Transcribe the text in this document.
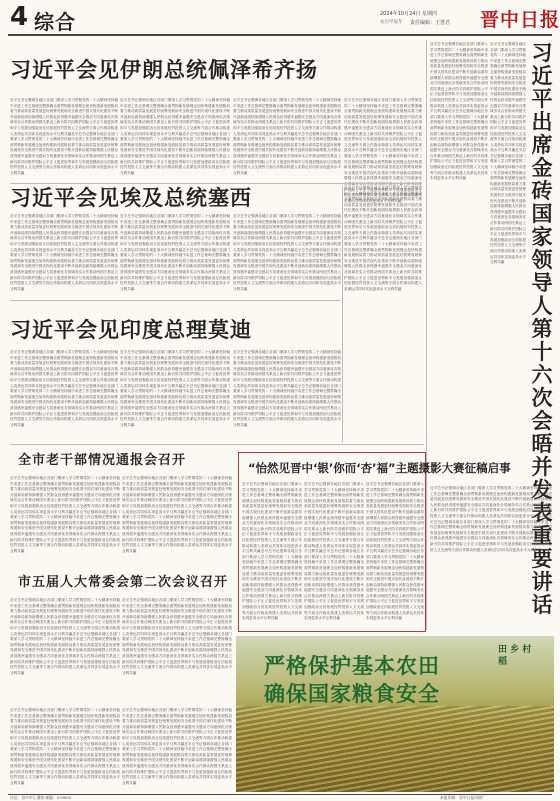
4 综合	2024年10月24日 星期四
责任编辑：王慧君
农历甲辰年	晋中日报
习近平会见伊朗总统佩泽希齐扬
近平总书记强调各地区各部门要深入学习贯彻党的二十大精神坚持稳中求进工作总基调完整准确全面贯彻新发展理念加快构建新发展格局着力推动高质量发展更好统筹发展和安全推进中国式现代化建设不断开创新局面持续增强人民群众获得感幸福感安全感双方同意深化各领域务实合作推动两国关系迈上新台阶共同维护国际公平正义促进世界和平与发展加强政治互信拓展经贸投资人文交流等方面合作推动构建人类命运共同体实现更高水平互利共赢近平总书记强调各地区各部门要深入学习贯彻党的二十大精神坚持稳中求进工作总基调完整准确全面贯彻新发展理念加快构建新发展格局着力推动高质量发展更好统筹发展和安全推进中国式现代化建设不断开创新局面持续增强人民群众获得感幸福感安全感双方同意深化各领域务实合作推动两国关系迈上新台阶共同维护国际公平正义促进世界和平与发展加强政治互信拓展经贸投资人文交流等方面合作推动构建人类命运共同体实现更高水平互利共赢
近平总书记强调各地区各部门要深入学习贯彻党的二十大精神坚持稳中求进工作总基调完整准确全面贯彻新发展理念加快构建新发展格局着力推动高质量发展更好统筹发展和安全推进中国式现代化建设不断开创新局面持续增强人民群众获得感幸福感安全感双方同意深化各领域务实合作推动两国关系迈上新台阶共同维护国际公平正义促进世界和平与发展加强政治互信拓展经贸投资人文交流等方面合作推动构建人类命运共同体实现更高水平互利共赢近平总书记强调各地区各部门要深入学习贯彻党的二十大精神坚持稳中求进工作总基调完整准确全面贯彻新发展理念加快构建新发展格局着力推动高质量发展更好统筹发展和安全推进中国式现代化建设不断开创新局面持续增强人民群众获得感幸福感安全感双方同意深化各领域务实合作推动两国关系迈上新台阶共同维护国际公平正义促进世界和平与发展加强政治互信拓展经贸投资人文交流等方面合作推动构建人类命运共同体实现更高水平互利共赢
近平总书记强调各地区各部门要深入学习贯彻党的二十大精神坚持稳中求进工作总基调完整准确全面贯彻新发展理念加快构建新发展格局着力推动高质量发展更好统筹发展和安全推进中国式现代化建设不断开创新局面持续增强人民群众获得感幸福感安全感双方同意深化各领域务实合作推动两国关系迈上新台阶共同维护国际公平正义促进世界和平与发展加强政治互信拓展经贸投资人文交流等方面合作推动构建人类命运共同体实现更高水平互利共赢近平总书记强调各地区各部门要深入学习贯彻党的二十大精神坚持稳中求进工作总基调完整准确全面贯彻新发展理念加快构建新发展格局着力推动高质量发展更好统筹发展和安全推进中国式现代化建设不断开创新局面持续增强人民群众获得感幸福感安全感双方同意深化各领域务实合作推动两国关系迈上新台阶共同维护国际公平正义促进世界和平与发展加强政治互信拓展经贸投资人文交流等方面合作推动构建人类命运共同体实现更高水平互利共赢
近平总书记强调各地区各部门要深入学习贯彻党的二十大精神坚持稳中求进工作总基调完整准确全面贯彻新发展理念加快构建新发展格局着力推动高质量发展更好统筹发展和安全推进中国式现代化建设不断开创新局面持续增强人民群众获得感幸福感安全感双方同意深化各领域务实合作推动两国关系迈上新台阶共同维护国际公平正义促进世界和平与发展加强政治互信拓展经贸投资人文交流等方面合作推动构建人类命运共同体实现更高水平互利共赢近平总书记强调各地区各部门要深入学习贯彻党的二十大精神坚持稳中求进工作总基调完整准确全面贯彻新发展理念加快构建新发展格局着力推动高质量发展更好统筹发展和安全推进中国式现代化建设不断开创新局面持续增强人民群众获得感幸福感安全感双方同意深化各领域务实合作推动两国关系迈上新台阶共同维护国际公平正义促进世界和平与发展加强政治互信拓展经贸投资人文交流等方面合作推动构建人类命运共同体实现更高水平互利共赢
习近平会见埃及总统塞西
近平总书记强调各地区各部门要深入学习贯彻党的二十大精神坚持稳中求进工作总基调完整准确全面贯彻新发展理念加快构建新发展格局着力推动高质量发展更好统筹发展和安全推进中国式现代化建设不断开创新局面持续增强人民群众获得感幸福感安全感双方同意深化各领域务实合作推动两国关系迈上新台阶共同维护国际公平正义促进世界和平与发展加强政治互信拓展经贸投资人文交流等方面合作推动构建人类命运共同体实现更高水平互利共赢近平总书记强调各地区各部门要深入学习贯彻党的二十大精神坚持稳中求进工作总基调完整准确全面贯彻新发展理念加快构建新发展格局着力推动高质量发展更好统筹发展和安全推进中国式现代化建设不断开创新局面持续增强人民群众获得感幸福感安全感双方同意深化各领域务实合作推动两国关系迈上新台阶共同维护国际公平正义促进世界和平与发展加强政治互信拓展经贸投资人文交流等方面合作推动构建人类命运共同体实现更高水平互利共赢
近平总书记强调各地区各部门要深入学习贯彻党的二十大精神坚持稳中求进工作总基调完整准确全面贯彻新发展理念加快构建新发展格局着力推动高质量发展更好统筹发展和安全推进中国式现代化建设不断开创新局面持续增强人民群众获得感幸福感安全感双方同意深化各领域务实合作推动两国关系迈上新台阶共同维护国际公平正义促进世界和平与发展加强政治互信拓展经贸投资人文交流等方面合作推动构建人类命运共同体实现更高水平互利共赢近平总书记强调各地区各部门要深入学习贯彻党的二十大精神坚持稳中求进工作总基调完整准确全面贯彻新发展理念加快构建新发展格局着力推动高质量发展更好统筹发展和安全推进中国式现代化建设不断开创新局面持续增强人民群众获得感幸福感安全感双方同意深化各领域务实合作推动两国关系迈上新台阶共同维护国际公平正义促进世界和平与发展加强政治互信拓展经贸投资人文交流等方面合作推动构建人类命运共同体实现更高水平互利共赢
近平总书记强调各地区各部门要深入学习贯彻党的二十大精神坚持稳中求进工作总基调完整准确全面贯彻新发展理念加快构建新发展格局着力推动高质量发展更好统筹发展和安全推进中国式现代化建设不断开创新局面持续增强人民群众获得感幸福感安全感双方同意深化各领域务实合作推动两国关系迈上新台阶共同维护国际公平正义促进世界和平与发展加强政治互信拓展经贸投资人文交流等方面合作推动构建人类命运共同体实现更高水平互利共赢近平总书记强调各地区各部门要深入学习贯彻党的二十大精神坚持稳中求进工作总基调完整准确全面贯彻新发展理念加快构建新发展格局着力推动高质量发展更好统筹发展和安全推进中国式现代化建设不断开创新局面持续增强人民群众获得感幸福感安全感双方同意深化各领域务实合作推动两国关系迈上新台阶共同维护国际公平正义促进世界和平与发展加强政治互信拓展经贸投资人文交流等方面合作推动构建人类命运共同体实现更高水平互利共赢
习近平会见印度总理莫迪
近平总书记强调各地区各部门要深入学习贯彻党的二十大精神坚持稳中求进工作总基调完整准确全面贯彻新发展理念加快构建新发展格局着力推动高质量发展更好统筹发展和安全推进中国式现代化建设不断开创新局面持续增强人民群众获得感幸福感安全感双方同意深化各领域务实合作推动两国关系迈上新台阶共同维护国际公平正义促进世界和平与发展加强政治互信拓展经贸投资人文交流等方面合作推动构建人类命运共同体实现更高水平互利共赢近平总书记强调各地区各部门要深入学习贯彻党的二十大精神坚持稳中求进工作总基调完整准确全面贯彻新发展理念加快构建新发展格局着力推动高质量发展更好统筹发展和安全推进中国式现代化建设不断开创新局面持续增强人民群众获得感幸福感安全感双方同意深化各领域务实合作推动两国关系迈上新台阶共同维护国际公平正义促进世界和平与发展加强政治互信拓展经贸投资人文交流等方面合作推动构建人类命运共同体实现更高水平互利共赢
近平总书记强调各地区各部门要深入学习贯彻党的二十大精神坚持稳中求进工作总基调完整准确全面贯彻新发展理念加快构建新发展格局着力推动高质量发展更好统筹发展和安全推进中国式现代化建设不断开创新局面持续增强人民群众获得感幸福感安全感双方同意深化各领域务实合作推动两国关系迈上新台阶共同维护国际公平正义促进世界和平与发展加强政治互信拓展经贸投资人文交流等方面合作推动构建人类命运共同体实现更高水平互利共赢近平总书记强调各地区各部门要深入学习贯彻党的二十大精神坚持稳中求进工作总基调完整准确全面贯彻新发展理念加快构建新发展格局着力推动高质量发展更好统筹发展和安全推进中国式现代化建设不断开创新局面持续增强人民群众获得感幸福感安全感双方同意深化各领域务实合作推动两国关系迈上新台阶共同维护国际公平正义促进世界和平与发展加强政治互信拓展经贸投资人文交流等方面合作推动构建人类命运共同体实现更高水平互利共赢
近平总书记强调各地区各部门要深入学习贯彻党的二十大精神坚持稳中求进工作总基调完整准确全面贯彻新发展理念加快构建新发展格局着力推动高质量发展更好统筹发展和安全推进中国式现代化建设不断开创新局面持续增强人民群众获得感幸福感安全感双方同意深化各领域务实合作推动两国关系迈上新台阶共同维护国际公平正义促进世界和平与发展加强政治互信拓展经贸投资人文交流等方面合作推动构建人类命运共同体实现更高水平互利共赢近平总书记强调各地区各部门要深入学习贯彻党的二十大精神坚持稳中求进工作总基调完整准确全面贯彻新发展理念加快构建新发展格局着力推动高质量发展更好统筹发展和安全推进中国式现代化建设不断开创新局面持续增强人民群众获得感幸福感安全感双方同意深化各领域务实合作推动两国关系迈上新台阶共同维护国际公平正义促进世界和平与发展加强政治互信拓展经贸投资人文交流等方面合作推动构建人类命运共同体实现更高水平互利共赢
近平总书记强调各地区各部门要深入学习贯彻党的二十大精神坚持稳中求进工作总基调完整准确全面贯彻新发展理念加快构建新发展格局着力推动高质量发展更好统筹发展和安全推进中国式现代化建设不断开创新局面持续增强人民群众获得感幸福感安全感双方同意深化各领域务实合作推动两国关系迈上新台阶共同维护国际公平正义促进世界和平与发展加强政治互信拓展经贸投资人文交流等方面合作推动构建人类命运共同体实现更高水平互利共赢近平总书记强调各地区各部门要深入学习贯彻党的二十大精神坚持稳中求进工作总基调完整准确全面贯彻新发展理念加快构建新发展格局着力推动高质量发展更好统筹发展和安全推进中国式现代化建设不断开创新局面持续增强人民群众获得感幸福感安全感双方同意深化各领域务实合作推动两国关系迈上新台阶共同维护国际公平正义促进世界和平与发展加强政治互信拓展经贸投资人文交流等方面合作推动构建人类命运共同体实现更高水平互利共赢
近平总书记强调各地区各部门要深入学习贯彻党的二十大精神坚持稳中求进工作总基调完整准确全面贯彻新发展理念加快构建新发展格局着力推动高质量发展更好统筹发展和安全推进中国式现代化建设不断开创新局面持续增强人民群众获得感幸福感安全感双方同意深化各领域务实合作推动两国关系迈上新台阶共同维护国际公平正义促进世界和平与发展加强政治互信拓展经贸投资人文交流等方面合作推动构建人类命运共同体实现更高水平互利共赢近平总书记强调各地区各部门要深入学习贯彻党的二十大精神坚持稳中求进工作总基调完整准确全面贯彻新发展理念加快构建新发展格局着力推动高质量发展更好统筹发展和安全推进中国式现代化建设不断开创新局面持续增强人民群众获得感幸福感安全感双方同意深化各领域务实合作推动两国关系迈上新台阶共同维护国际公平正义促进世界和平与发展加强政治互信拓展经贸投资人文交流等方面合作推动构建人类命运共同体实现更高水平互利共赢
近平总书记强调各地区各部门要深入学习贯彻党的二十大精神坚持稳中求进工作总基调完整准确全面贯彻新发展理念加快构建新发展格局着力推动高质量发展更好统筹发展和安全推进中国式现代化建设不断开创新局面持续增强人民群众获得感幸福感安全感双方同意深化各领域务实合作推动两国关系迈上新台阶共同维护国际公平正义促进世界和平与发展加强政治互信拓展经贸投资人文交流等方面合作推动构建人类命运共同体实现更高水平互利共赢近平总书记强调各地区各部门要深入学习贯彻党的二十大精神坚持稳中求进工作总基调完整准确全面贯彻新发展理念加快构建新发展格局着力推动高质量发展更好统筹发展和安全推进中国式现代化建设不断开创新局面持续增强人民群众获得感幸福感安全感双方同意深化各领域务实合作推动两国关系迈上新台阶共同维护国际公平正义促进世界和平与发展加强政治互信拓展经贸投资人文交流等方面合作推动构建人类命运共同体实现更高水平互利共赢
习近平出席金砖国家领导人第十六次会晤并发表重要讲话
近平总书记强调各地区各部门要深入学习贯彻党的二十大精神坚持稳中求进工作总基调完整准确全面贯彻新发展理念加快构建新发展格局着力推动高质量发展更好统筹发展和安全推进中国式现代化建设不断开创新局面持续增强人民群众获得感幸福感安全感双方同意深化各领域务实合作推动两国关系迈上新台阶共同维护国际公平正义促进世界和平与发展加强政治互信拓展经贸投资人文交流等方面合作推动构建人类命运共同体实现更高水平互利共赢近平总书记强调各地区各部门要深入学习贯彻党的二十大精神坚持稳中求进工作总基调完整准确全面贯彻新发展理念加快构建新发展格局着力推动高质量发展更好统筹发展和安全推进中国式现代化建设不断开创新局面持续增强人民群众获得感幸福感安全感双方同意深化各领域务实合作推动两国关系迈上新台阶共同维护国际公平正义促进世界和平与发展加强政治互信拓展经贸投资人文交流等方面合作推动构建人类命运共同体实现更高水平互利共赢
全市老干部情况通报会召开
近平总书记强调各地区各部门要深入学习贯彻党的二十大精神坚持稳中求进工作总基调完整准确全面贯彻新发展理念加快构建新发展格局着力推动高质量发展更好统筹发展和安全推进中国式现代化建设不断开创新局面持续增强人民群众获得感幸福感安全感双方同意深化各领域务实合作推动两国关系迈上新台阶共同维护国际公平正义促进世界和平与发展加强政治互信拓展经贸投资人文交流等方面合作推动构建人类命运共同体实现更高水平互利共赢近平总书记强调各地区各部门要深入学习贯彻党的二十大精神坚持稳中求进工作总基调完整准确全面贯彻新发展理念加快构建新发展格局着力推动高质量发展更好统筹发展和安全推进中国式现代化建设不断开创新局面持续增强人民群众获得感幸福感安全感双方同意深化各领域务实合作推动两国关系迈上新台阶共同维护国际公平正义促进世界和平与发展加强政治互信拓展经贸投资人文交流等方面合作推动构建人类命运共同体实现更高水平互利共赢
近平总书记强调各地区各部门要深入学习贯彻党的二十大精神坚持稳中求进工作总基调完整准确全面贯彻新发展理念加快构建新发展格局着力推动高质量发展更好统筹发展和安全推进中国式现代化建设不断开创新局面持续增强人民群众获得感幸福感安全感双方同意深化各领域务实合作推动两国关系迈上新台阶共同维护国际公平正义促进世界和平与发展加强政治互信拓展经贸投资人文交流等方面合作推动构建人类命运共同体实现更高水平互利共赢近平总书记强调各地区各部门要深入学习贯彻党的二十大精神坚持稳中求进工作总基调完整准确全面贯彻新发展理念加快构建新发展格局着力推动高质量发展更好统筹发展和安全推进中国式现代化建设不断开创新局面持续增强人民群众获得感幸福感安全感双方同意深化各领域务实合作推动两国关系迈上新台阶共同维护国际公平正义促进世界和平与发展加强政治互信拓展经贸投资人文交流等方面合作推动构建人类命运共同体实现更高水平互利共赢
市五届人大常委会第二次会议召开
近平总书记强调各地区各部门要深入学习贯彻党的二十大精神坚持稳中求进工作总基调完整准确全面贯彻新发展理念加快构建新发展格局着力推动高质量发展更好统筹发展和安全推进中国式现代化建设不断开创新局面持续增强人民群众获得感幸福感安全感双方同意深化各领域务实合作推动两国关系迈上新台阶共同维护国际公平正义促进世界和平与发展加强政治互信拓展经贸投资人文交流等方面合作推动构建人类命运共同体实现更高水平互利共赢近平总书记强调各地区各部门要深入学习贯彻党的二十大精神坚持稳中求进工作总基调完整准确全面贯彻新发展理念加快构建新发展格局着力推动高质量发展更好统筹发展和安全推进中国式现代化建设不断开创新局面持续增强人民群众获得感幸福感安全感双方同意深化各领域务实合作推动两国关系迈上新台阶共同维护国际公平正义促进世界和平与发展加强政治互信拓展经贸投资人文交流等方面合作推动构建人类命运共同体实现更高水平互利共赢
近平总书记强调各地区各部门要深入学习贯彻党的二十大精神坚持稳中求进工作总基调完整准确全面贯彻新发展理念加快构建新发展格局着力推动高质量发展更好统筹发展和安全推进中国式现代化建设不断开创新局面持续增强人民群众获得感幸福感安全感双方同意深化各领域务实合作推动两国关系迈上新台阶共同维护国际公平正义促进世界和平与发展加强政治互信拓展经贸投资人文交流等方面合作推动构建人类命运共同体实现更高水平互利共赢近平总书记强调各地区各部门要深入学习贯彻党的二十大精神坚持稳中求进工作总基调完整准确全面贯彻新发展理念加快构建新发展格局着力推动高质量发展更好统筹发展和安全推进中国式现代化建设不断开创新局面持续增强人民群众获得感幸福感安全感双方同意深化各领域务实合作推动两国关系迈上新台阶共同维护国际公平正义促进世界和平与发展加强政治互信拓展经贸投资人文交流等方面合作推动构建人类命运共同体实现更高水平互利共赢
近平总书记强调各地区各部门要深入学习贯彻党的二十大精神坚持稳中求进工作总基调完整准确全面贯彻新发展理念加快构建新发展格局着力推动高质量发展更好统筹发展和安全推进中国式现代化建设不断开创新局面持续增强人民群众获得感幸福感安全感双方同意深化各领域务实合作推动两国关系迈上新台阶共同维护国际公平正义促进世界和平与发展加强政治互信拓展经贸投资人文交流等方面合作推动构建人类命运共同体实现更高水平互利共赢近平总书记强调各地区各部门要深入学习贯彻党的二十大精神坚持稳中求进工作总基调完整准确全面贯彻新发展理念加快构建新发展格局着力推动高质量发展更好统筹发展和安全推进中国式现代化建设不断开创新局面持续增强人民群众获得感幸福感安全感双方同意深化各领域务实合作推动两国关系迈上新台阶共同维护国际公平正义促进世界和平与发展加强政治互信拓展经贸投资人文交流等方面合作推动构建人类命运共同体实现更高水平互利共赢
近平总书记强调各地区各部门要深入学习贯彻党的二十大精神坚持稳中求进工作总基调完整准确全面贯彻新发展理念加快构建新发展格局着力推动高质量发展更好统筹发展和安全推进中国式现代化建设不断开创新局面持续增强人民群众获得感幸福感安全感双方同意深化各领域务实合作推动两国关系迈上新台阶共同维护国际公平正义促进世界和平与发展加强政治互信拓展经贸投资人文交流等方面合作推动构建人类命运共同体实现更高水平互利共赢近平总书记强调各地区各部门要深入学习贯彻党的二十大精神坚持稳中求进工作总基调完整准确全面贯彻新发展理念加快构建新发展格局着力推动高质量发展更好统筹发展和安全推进中国式现代化建设不断开创新局面持续增强人民群众获得感幸福感安全感双方同意深化各领域务实合作推动两国关系迈上新台阶共同维护国际公平正义促进世界和平与发展加强政治互信拓展经贸投资人文交流等方面合作推动构建人类命运共同体实现更高水平互利共赢
“怡然见晋中‘银’你而‘杏’福”主题摄影大赛征稿启事
近平总书记强调各地区各部门要深入学习贯彻党的二十大精神坚持稳中求进工作总基调完整准确全面贯彻新发展理念加快构建新发展格局着力推动高质量发展更好统筹发展和安全推进中国式现代化建设不断开创新局面持续增强人民群众获得感幸福感安全感双方同意深化各领域务实合作推动两国关系迈上新台阶共同维护国际公平正义促进世界和平与发展加强政治互信拓展经贸投资人文交流等方面合作推动构建人类命运共同体实现更高水平互利共赢近平总书记强调各地区各部门要深入学习贯彻党的二十大精神坚持稳中求进工作总基调完整准确全面贯彻新发展理念加快构建新发展格局着力推动高质量发展更好统筹发展和安全推进中国式现代化建设不断开创新局面持续增强人民群众获得感幸福感安全感双方同意深化各领域务实合作推动两国关系迈上新台阶共同维护国际公平正义促进世界和平与发展加强政治互信拓展经贸投资人文交流等方面合作推动构建人类命运共同体实现更高水平互利共赢
近平总书记强调各地区各部门要深入学习贯彻党的二十大精神坚持稳中求进工作总基调完整准确全面贯彻新发展理念加快构建新发展格局着力推动高质量发展更好统筹发展和安全推进中国式现代化建设不断开创新局面持续增强人民群众获得感幸福感安全感双方同意深化各领域务实合作推动两国关系迈上新台阶共同维护国际公平正义促进世界和平与发展加强政治互信拓展经贸投资人文交流等方面合作推动构建人类命运共同体实现更高水平互利共赢近平总书记强调各地区各部门要深入学习贯彻党的二十大精神坚持稳中求进工作总基调完整准确全面贯彻新发展理念加快构建新发展格局着力推动高质量发展更好统筹发展和安全推进中国式现代化建设不断开创新局面持续增强人民群众获得感幸福感安全感双方同意深化各领域务实合作推动两国关系迈上新台阶共同维护国际公平正义促进世界和平与发展加强政治互信拓展经贸投资人文交流等方面合作推动构建人类命运共同体实现更高水平互利共赢
近平总书记强调各地区各部门要深入学习贯彻党的二十大精神坚持稳中求进工作总基调完整准确全面贯彻新发展理念加快构建新发展格局着力推动高质量发展更好统筹发展和安全推进中国式现代化建设不断开创新局面持续增强人民群众获得感幸福感安全感双方同意深化各领域务实合作推动两国关系迈上新台阶共同维护国际公平正义促进世界和平与发展加强政治互信拓展经贸投资人文交流等方面合作推动构建人类命运共同体实现更高水平互利共赢近平总书记强调各地区各部门要深入学习贯彻党的二十大精神坚持稳中求进工作总基调完整准确全面贯彻新发展理念加快构建新发展格局着力推动高质量发展更好统筹发展和安全推进中国式现代化建设不断开创新局面持续增强人民群众获得感幸福感安全感双方同意深化各领域务实合作推动两国关系迈上新台阶共同维护国际公平正义促进世界和平与发展加强政治互信拓展经贸投资人文交流等方面合作推动构建人类命运共同体实现更高水平互利共赢
严格保护基本农田
确保国家粮食安全
田 乡 村 稻
社址：晋中市汇通路 邮编：030600	本报印刷：晋中日报印刷厂
